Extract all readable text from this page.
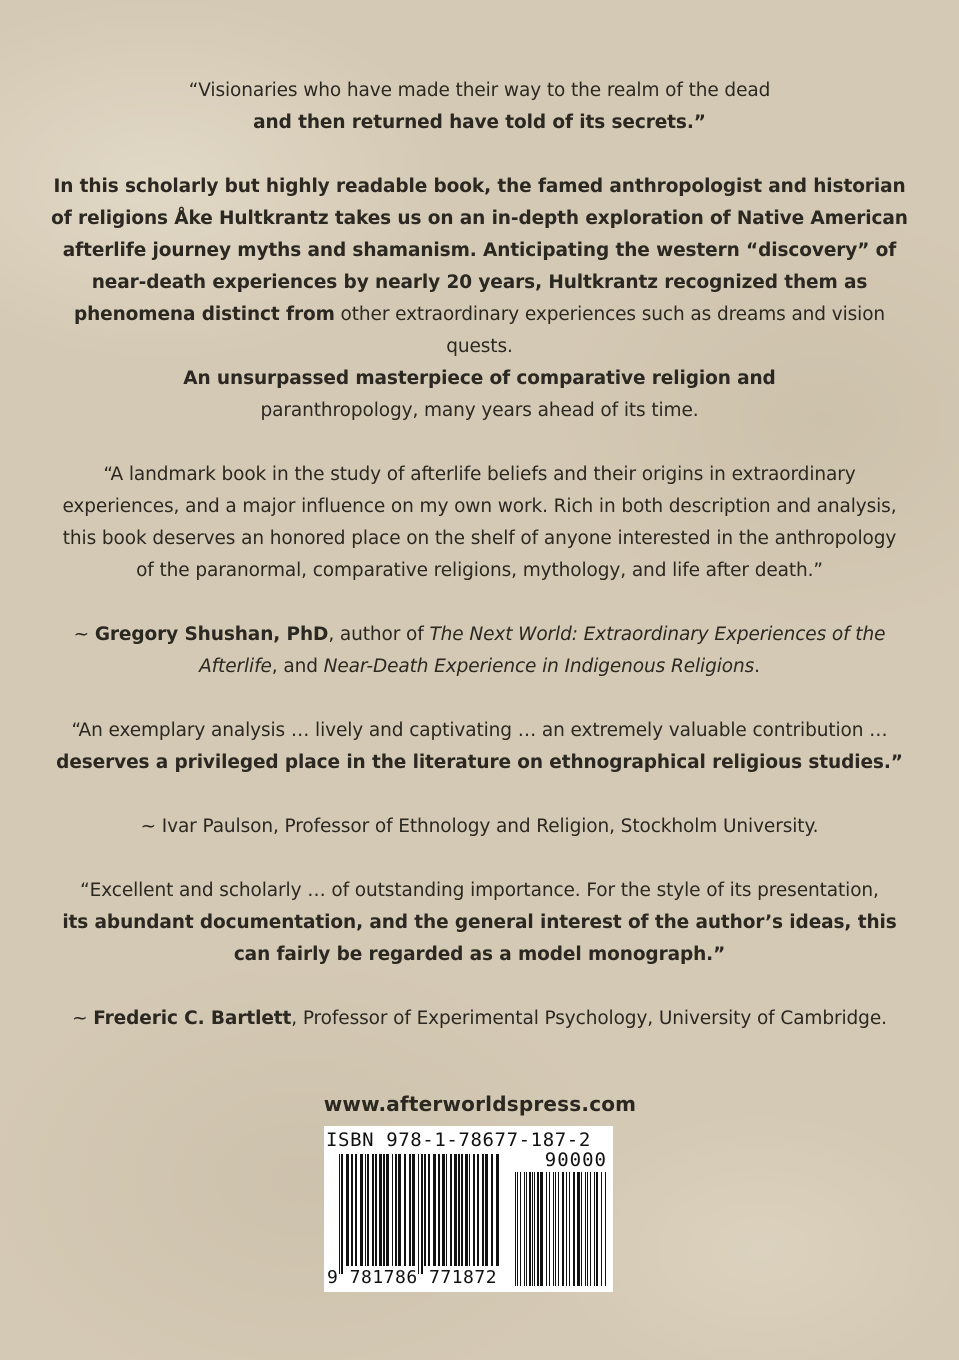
“Visionaries who have made their way to the realm of the dead
and then returned have told of its secrets.”

In this scholarly but highly readable book, the famed anthropologist and historian of religions Åke Hultkrantz takes us on an in-depth exploration of Native American afterlife journey myths and shamanism. Anticipating the western “discovery” of near-death experiences by nearly 20 years, Hultkrantz recognized them as phenomena distinct from other extraordinary experiences such as dreams and vision quests.

An unsurpassed masterpiece of comparative religion and
paranthropology, many years ahead of its time.

“A landmark book in the study of afterlife beliefs and their origins in extraordinary experiences, and a major influence on my own work. Rich in both description and analysis, this book deserves an honored place on the shelf of anyone interested in the anthropology of the paranormal, comparative religions, mythology, and life after death.”

~ Gregory Shushan, PhD, author of The Next World: Extraordinary Experiences of the Afterlife, and Near-Death Experience in Indigenous Religions.

“An exemplary analysis … lively and captivating … an extremely valuable contribution …
deserves a privileged place in the literature on ethnographical religious studies.”

~ Ivar Paulson, Professor of Ethnology and Religion, Stockholm University.

“Excellent and scholarly … of outstanding importance. For the style of its presentation,
its abundant documentation, and the general interest of the author’s ideas, this can fairly be regarded as a model monograph.”

~ Frederic C. Bartlett, Professor of Experimental Psychology, University of Cambridge.

www.afterworldspress.com
ISBN 978-1-78677-187-2
90000
9 781786 771872
